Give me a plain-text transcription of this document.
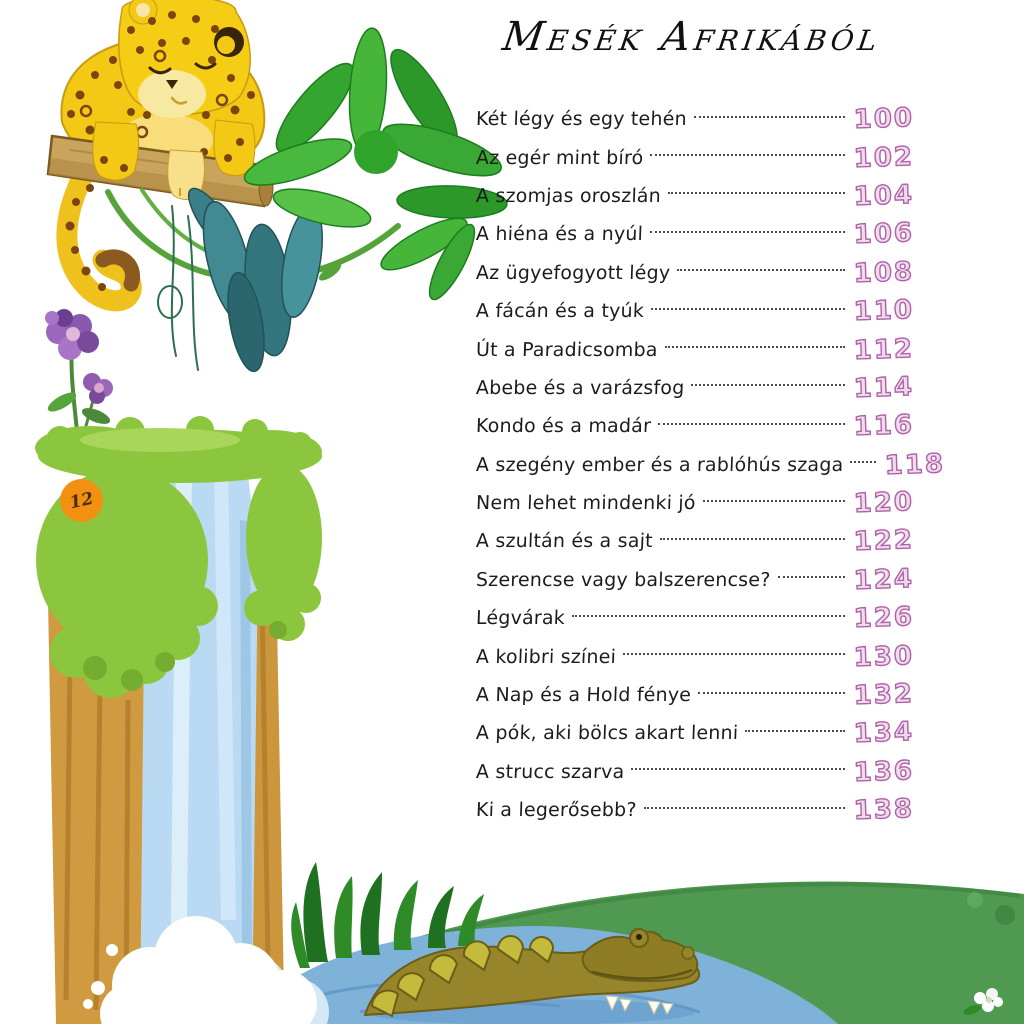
12
Mesék Afrikából
Két légy és egy tehén	100
Az egér mint bíró	102
A szomjas oroszlán	104
A hiéna és a nyúl	106
Az ügyefogyott légy	108
A fácán és a tyúk	110
Út a Paradicsomba	112
Abebe és a varázsfog	114
Kondo és a madár	116
A szegény ember és a rablóhús szaga 118
Nem lehet mindenki jó	120
A szultán és a sajt	122
Szerencse vagy balszerencse?	124
Légvárak	126
A kolibri színei	130
A Nap és a Hold fénye	132
A pók, aki bölcs akart lenni	134
A strucc szarva	136
Ki a legerősebb?	138
